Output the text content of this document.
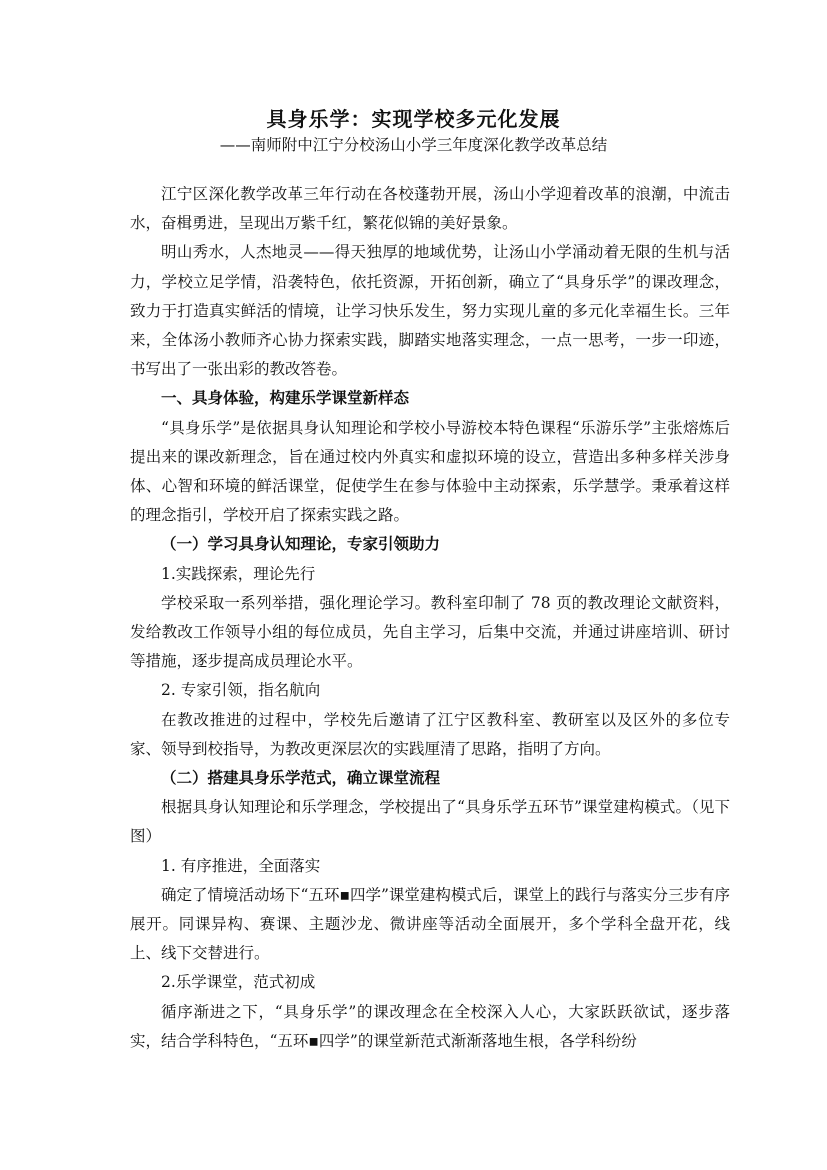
具身乐学：实现学校多元化发展
——南师附中江宁分校汤山小学三年度深化教学改革总结

江宁区深化教学改革三年行动在各校蓬勃开展，汤山小学迎着改革的浪潮，中流击水，奋楫勇进，呈现出万紫千红，繁花似锦的美好景象。

明山秀水，人杰地灵——得天独厚的地域优势，让汤山小学涌动着无限的生机与活力，学校立足学情，沿袭特色，依托资源，开拓创新，确立了“具身乐学”的课改理念，致力于打造真实鲜活的情境，让学习快乐发生，努力实现儿童的多元化幸福生长。三年来，全体汤小教师齐心协力探索实践，脚踏实地落实理念，一点一思考，一步一印迹，书写出了一张出彩的教改答卷。

一、具身体验，构建乐学课堂新样态

“具身乐学”是依据具身认知理论和学校小导游校本特色课程“乐游乐学”主张熔炼后提出来的课改新理念，旨在通过校内外真实和虚拟环境的设立，营造出多种多样关涉身体、心智和环境的鲜活课堂，促使学生在参与体验中主动探索，乐学慧学。秉承着这样的理念指引，学校开启了探索实践之路。

（一）学习具身认知理论，专家引领助力

1.实践探索，理论先行

学校采取一系列举措，强化理论学习。教科室印制了 78 页的教改理论文献资料，发给教改工作领导小组的每位成员，先自主学习，后集中交流，并通过讲座培训、研讨等措施，逐步提高成员理论水平。

2. 专家引领，指名航向

在教改推进的过程中，学校先后邀请了江宁区教科室、教研室以及区外的多位专家、领导到校指导，为教改更深层次的实践厘清了思路，指明了方向。

（二）搭建具身乐学范式，确立课堂流程

根据具身认知理论和乐学理念，学校提出了“具身乐学五环节”课堂建构模式。（见下图）

1. 有序推进，全面落实

确定了情境活动场下“五环▪四学”课堂建构模式后，课堂上的践行与落实分三步有序展开。同课异构、赛课、主题沙龙、微讲座等活动全面展开，多个学科全盘开花，线上、线下交替进行。

2.乐学课堂，范式初成

循序渐进之下，“具身乐学”的课改理念在全校深入人心，大家跃跃欲试，逐步落实，结合学科特色，“五环▪四学”的课堂新范式渐渐落地生根，各学科纷纷
